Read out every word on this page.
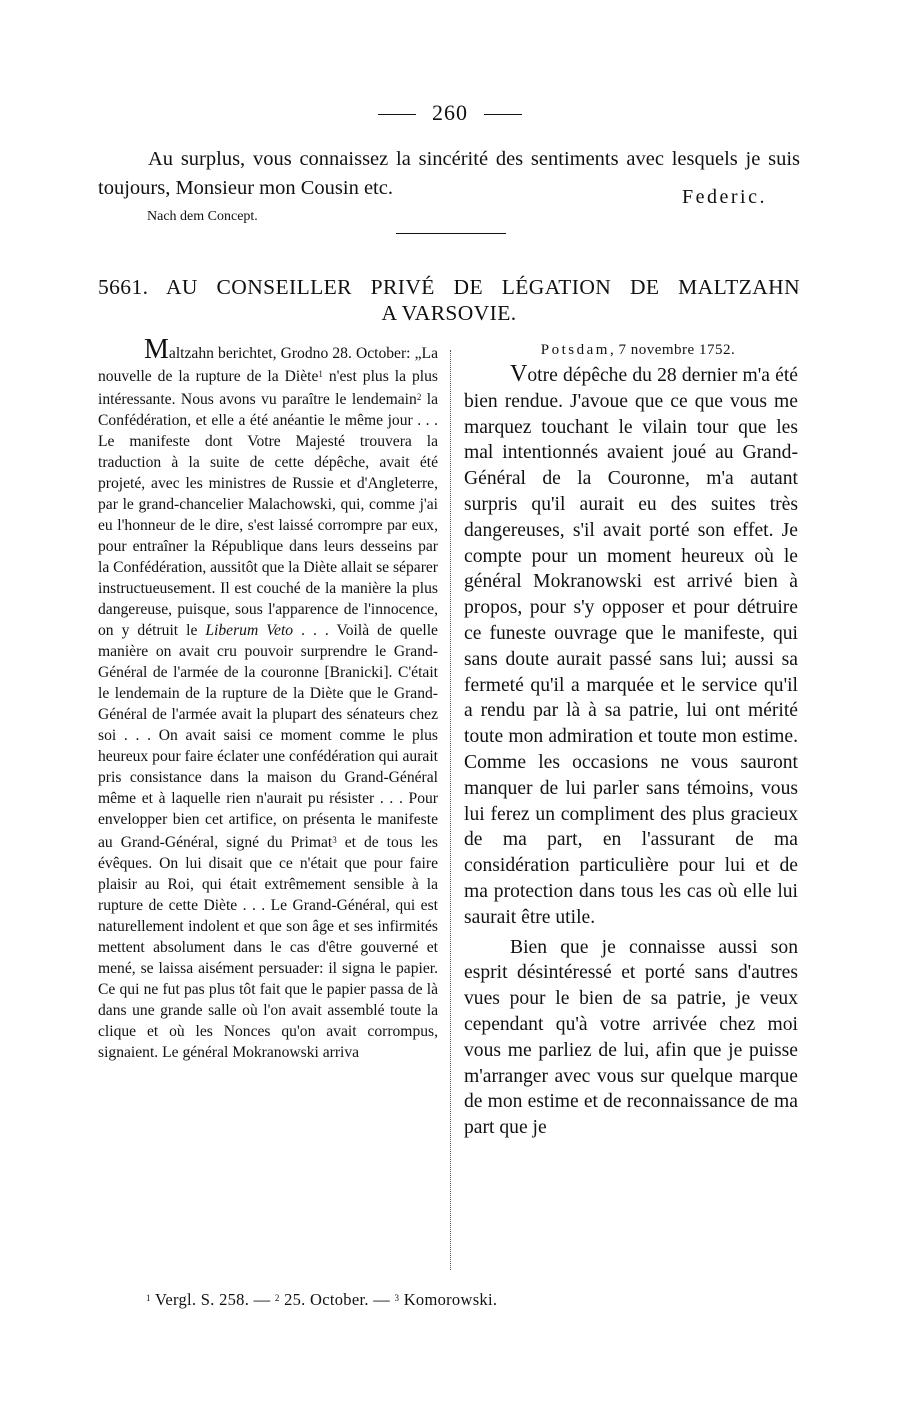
260

Au surplus, vous connaissez la sincérité des sentiments avec lesquels je suis toujours, Monsieur mon Cousin etc.	Federic.
Nach dem Concept.
5661. AU CONSEILLER PRIVÉ DE LÉGATION DE MALTZAHN
A VARSOVIE.

Maltzahn berichtet, Grodno 28. October: „La nouvelle de la rupture de la Diète$^1$ n'est plus la plus intéressante. Nous avons vu paraître le lendemain$^2$ la Confédération, et elle a été anéantie le même jour . . . Le manifeste dont Votre Majesté trouvera la traduction à la suite de cette dépêche, avait été projeté, avec les ministres de Russie et d'Angleterre, par le grand-chancelier Malachowski, qui, comme j'ai eu l'honneur de le dire, s'est laissé corrompre par eux, pour entraîner la République dans leurs desseins par la Confédération, aussitôt que la Diète allait se séparer instructueusement. Il est couché de la manière la plus dangereuse, puisque, sous l'apparence de l'innocence, on y détruit le Liberum Veto . . . Voilà de quelle manière on avait cru pouvoir surprendre le Grand-Général de l'armée de la couronne [Branicki]. C'était le lendemain de la rupture de la Diète que le Grand-Général de l'armée avait la plupart des sénateurs chez soi . . . On avait saisi ce moment comme le plus heureux pour faire éclater une confédération qui aurait pris consistance dans la maison du Grand-Général même et à laquelle rien n'aurait pu résister . . . Pour envelopper bien cet artifice, on présenta le manifeste au Grand-Général, signé du Primat$^3$ et de tous les évêques. On lui disait que ce n'était que pour faire plaisir au Roi, qui était extrêmement sensible à la rupture de cette Diète . . . Le Grand-Général, qui est naturellement indolent et que son âge et ses infirmités mettent absolument dans le cas d'être gouverné et mené, se laissa aisément persuader: il signa le papier. Ce qui ne fut pas plus tôt fait que le papier passa de là dans une grande salle où l'on avait assemblé toute la clique et où les Nonces qu'on avait corrompus, signaient. Le général Mokranowski arriva

Potsdam, 7 novembre 1752.

Votre dépêche du 28 dernier m'a été bien rendue. J'avoue que ce que vous me marquez touchant le vilain tour que les mal intentionnés avaient joué au Grand-Général de la Couronne, m'a autant surpris qu'il aurait eu des suites très dangereuses, s'il avait porté son effet. Je compte pour un moment heureux où le général Mokranowski est arrivé bien à propos, pour s'y opposer et pour détruire ce funeste ouvrage que le manifeste, qui sans doute aurait passé sans lui; aussi sa fermeté qu'il a marquée et le service qu'il a rendu par là à sa patrie, lui ont mérité toute mon admiration et toute mon estime. Comme les occasions ne vous sauront manquer de lui parler sans témoins, vous lui ferez un compliment des plus gracieux de ma part, en l'assurant de ma considération particulière pour lui et de ma protection dans tous les cas où elle lui saurait être utile.

Bien que je connaisse aussi son esprit désintéressé et porté sans d'autres vues pour le bien de sa patrie, je veux cependant qu'à votre arrivée chez moi vous me parliez de lui, afin que je puisse m'arranger avec vous sur quelque marque de mon estime et de reconnaissance de ma part que je

$^1$ Vergl. S. 258. — $^2$ 25. October. — $^3$ Komorowski.
